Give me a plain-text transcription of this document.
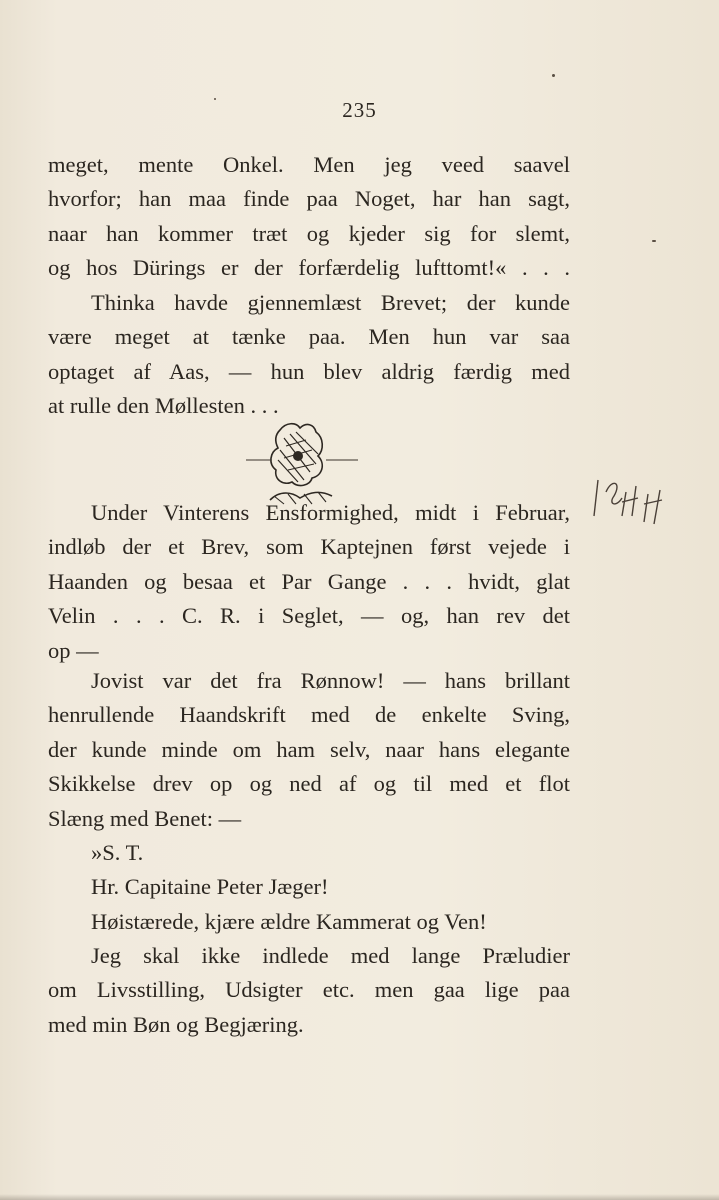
235

meget, mente Onkel. Men jeg veed saavel

hvorfor; han maa finde paa Noget, har han sagt,

naar han kommer træt og kjeder sig for slemt,

og hos Dürings er der forfærdelig lufttomt!« . . .

Thinka havde gjennemlæst Brevet; der kunde

være meget at tænke paa. Men hun var saa

optaget af Aas, — hun blev aldrig færdig med

at rulle den Møllesten . . .

Under Vinterens Ensformighed, midt i Februar,

indløb der et Brev, som Kaptejnen først vejede i

Haanden og besaa et Par Gange . . . hvidt, glat

Velin . . . C. R. i Seglet, — og, han rev det

op —

Jovist var det fra Rønnow! — hans brillant

henrullende Haandskrift med de enkelte Sving,

der kunde minde om ham selv, naar hans elegante

Skikkelse drev op og ned af og til med et flot

Slæng med Benet: —

»S. T.

Hr. Capitaine Peter Jæger!

Høistærede, kjære ældre Kammerat og Ven!

Jeg skal ikke indlede med lange Præludier

om Livsstilling, Udsigter etc. men gaa lige paa

med min Bøn og Begjæring.
